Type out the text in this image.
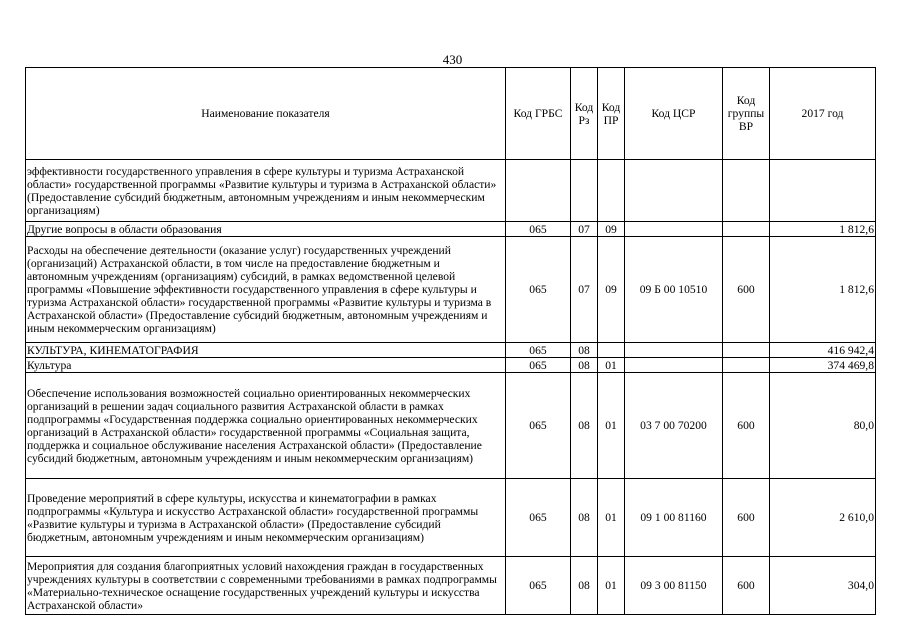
430
Наименование показателя	Код ГРБС	Код Рз	Код ПР	Код ЦСР	Код группы ВР	2017 год
эффективности государственного управления в сфере культуры и туризма Астраханской области» государственной программы «Развитие культуры и туризма в Астраханской области» (Предоставление субсидий бюджетным, автономным учреждениям и иным некоммерческим организациям)						
Другие вопросы в области образования	065	07	09			1 812,6
Расходы на обеспечение деятельности (оказание услуг) государственных учреждений (организаций) Астраханской области, в том числе на предоставление бюджетным и автономным учреждениям (организациям) субсидий, в рамках ведомственной целевой программы «Повышение эффективности государственного управления в сфере культуры и туризма Астраханской области» государственной программы «Развитие культуры и туризма в Астраханской области» (Предоставление субсидий бюджетным, автономным учреждениям и иным некоммерческим организациям)	065	07	09	09 Б 00 10510	600	1 812,6
КУЛЬТУРА, КИНЕМАТОГРАФИЯ	065	08				416 942,4
Культура	065	08	01			374 469,8
Обеспечение использования возможностей социально ориентированных некоммерческих организаций в решении задач социального развития Астраханской области в рамках подпрограммы «Государственная поддержка социально ориентированных некоммерческих организаций в Астраханской области» государственной программы «Социальная защита, поддержка и социальное обслуживание населения Астраханской области» (Предоставление субсидий бюджетным, автономным учреждениям и иным некоммерческим организациям)	065	08	01	03 7 00 70200	600	80,0
Проведение мероприятий в сфере культуры, искусства и кинематографии в рамках подпрограммы «Культура и искусство Астраханской области» государственной программы «Развитие культуры и туризма в Астраханской области» (Предоставление субсидий бюджетным, автономным учреждениям и иным некоммерческим организациям)	065	08	01	09 1 00 81160	600	2 610,0
Мероприятия для создания благоприятных условий нахождения граждан в государственных учреждениях культуры в соответствии с современными требованиями в рамках подпрограммы «Материально-техническое оснащение государственных учреждений культуры и искусства Астраханской области»	065	08	01	09 3 00 81150	600	304,0
